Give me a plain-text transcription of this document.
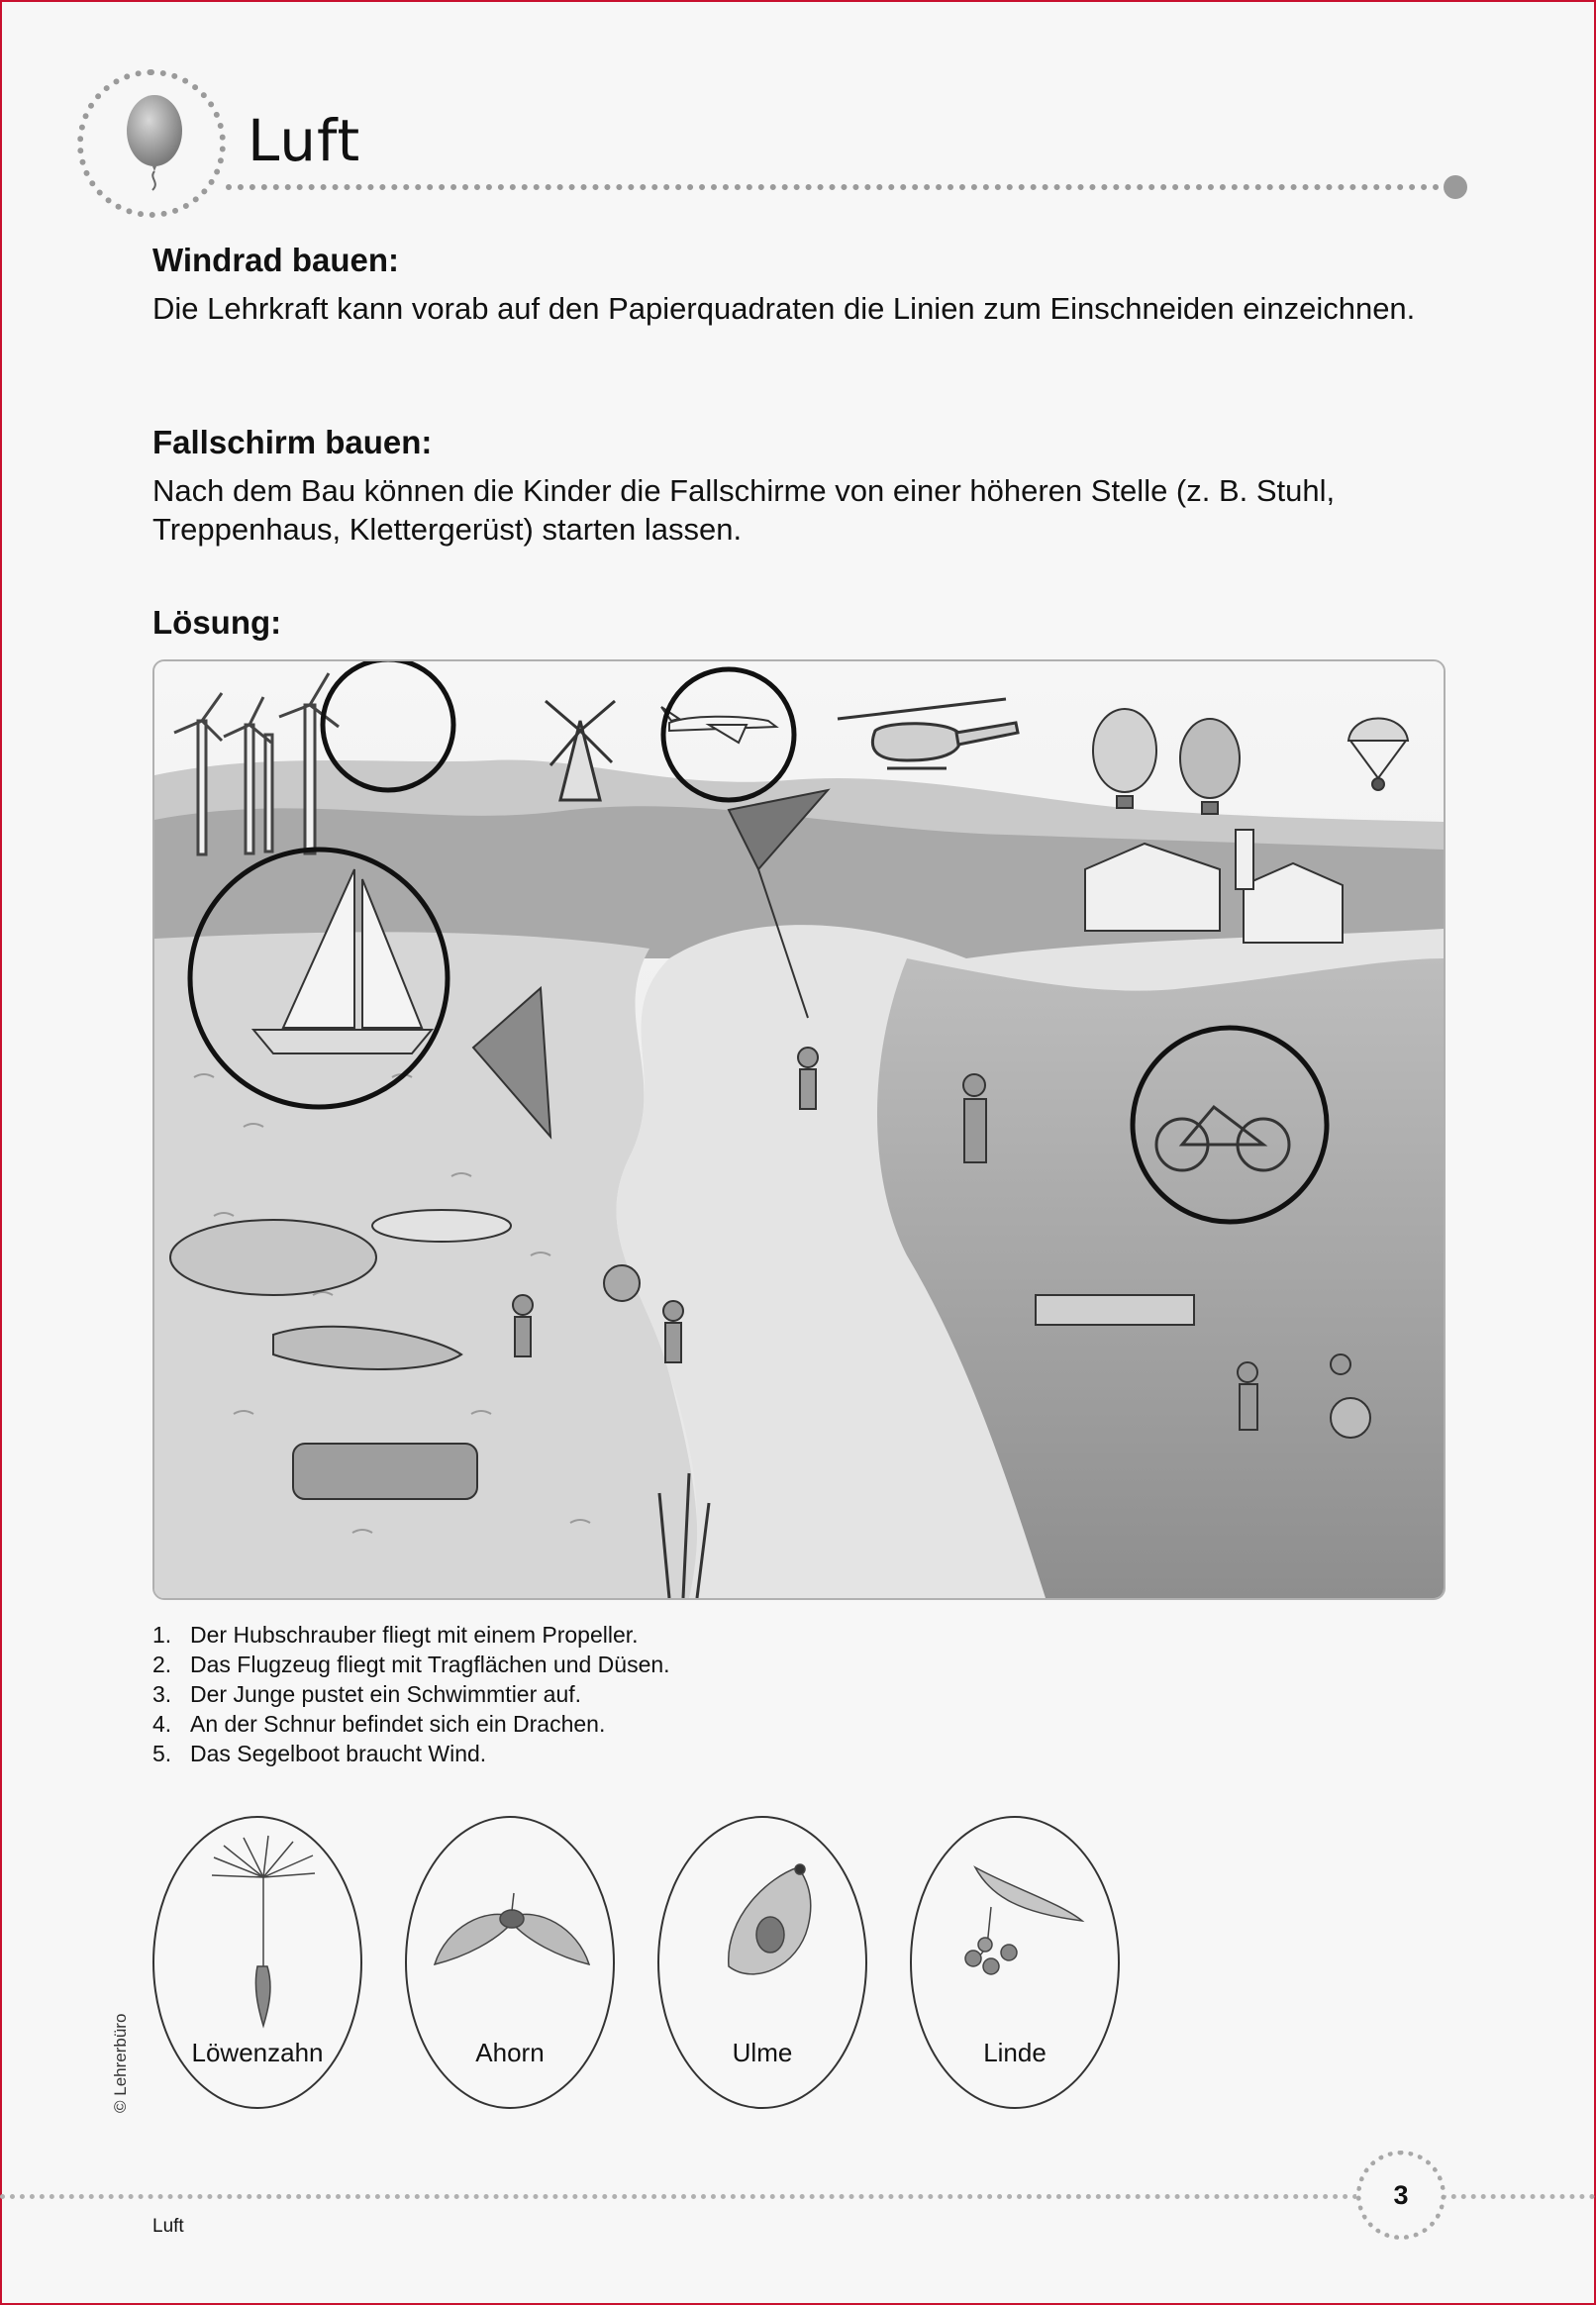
Luft
Windrad bauen:
Die Lehrkraft kann vorab auf den Papierquadraten die Linien zum Einschneiden einzeichnen.
Fallschirm bauen:
Nach dem Bau können die Kinder die Fallschirme von einer höheren Stelle (z. B. Stuhl, Treppenhaus, Klettergerüst) starten lassen.
Lösung:
1. Der Hubschrauber fliegt mit einem Propeller.
2. Das Flugzeug fliegt mit Tragflächen und Düsen.
3. Der Junge pustet ein Schwimmtier auf.
4. An der Schnur befindet sich ein Drachen.
5. Das Segelboot braucht Wind.
Löwenzahn	Ahorn	Ulme	Linde
© Lehrerbüro
3
Luft
